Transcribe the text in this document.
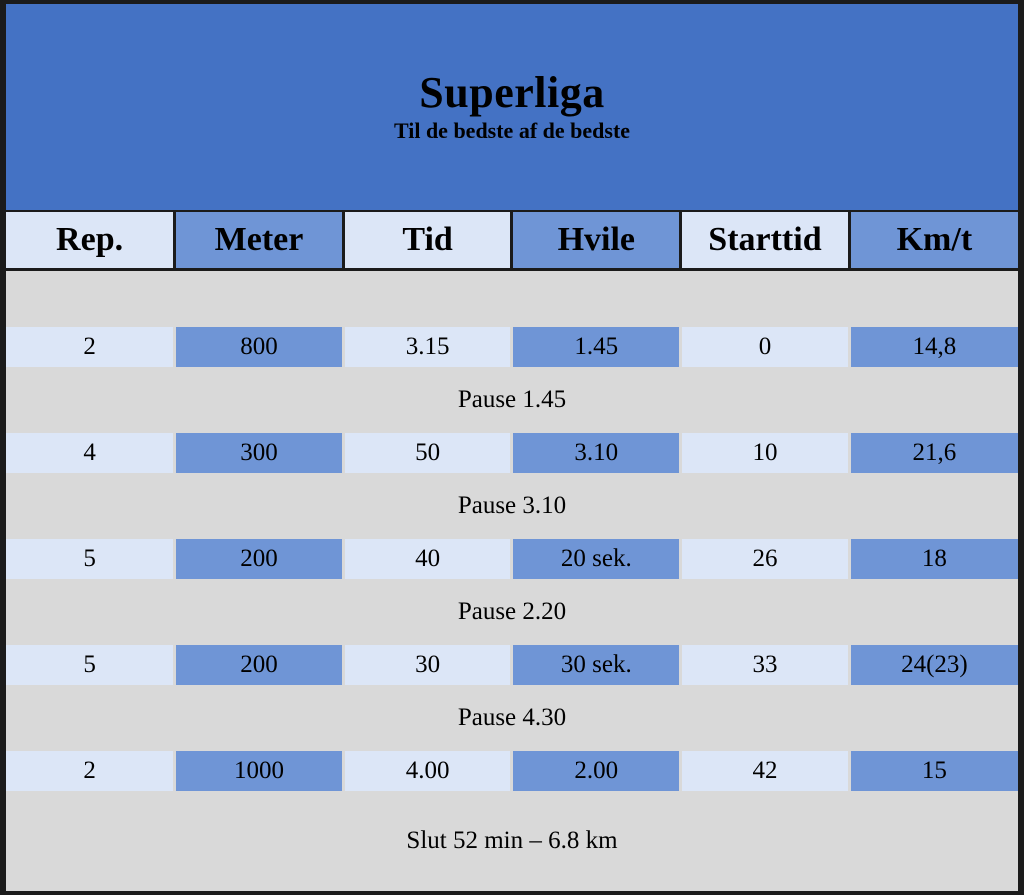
Superliga
Til de bedste af de bedste					

Rep.	Meter	Tid	Hvile	Starttid	Km/t

2	800	3.15	1.45	0	14,8
Pause 1.45					
4	300	50	3.10	10	21,6
Pause 3.10					
5	200	40	20 sek.	26	18
Pause 2.20					
5	200	30	30 sek.	33	24(23)
Pause 4.30					
2	1000	4.00	2.00	42	15
Slut 52 min – 6.8 km					
